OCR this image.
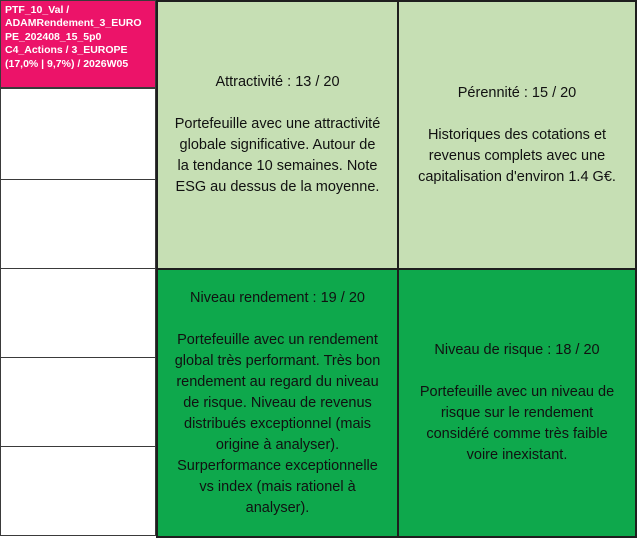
PTF_10_Val /
ADAMRendement_3_EURO
PE_202408_15_5p0
C4_Actions / 3_EUROPE
(17,0% | 9,7%) / 2026W05
Attractivité : 13 / 20
Portefeuille avec une attractivité
globale significative. Autour de
la tendance 10 semaines. Note
ESG au dessus de la moyenne.
Pérennité : 15 / 20
Historiques des cotations et
revenus complets avec une
capitalisation d'environ 1.4 G€.
Niveau rendement : 19 / 20
Portefeuille avec un rendement
global très performant. Très bon
rendement au regard du niveau
de risque. Niveau de revenus
distribués exceptionnel (mais
origine à analyser).
Surperformance exceptionnelle
vs index (mais rationel à
analyser).
Niveau de risque : 18 / 20
Portefeuille avec un niveau de
risque sur le rendement
considéré comme très faible
voire inexistant.
